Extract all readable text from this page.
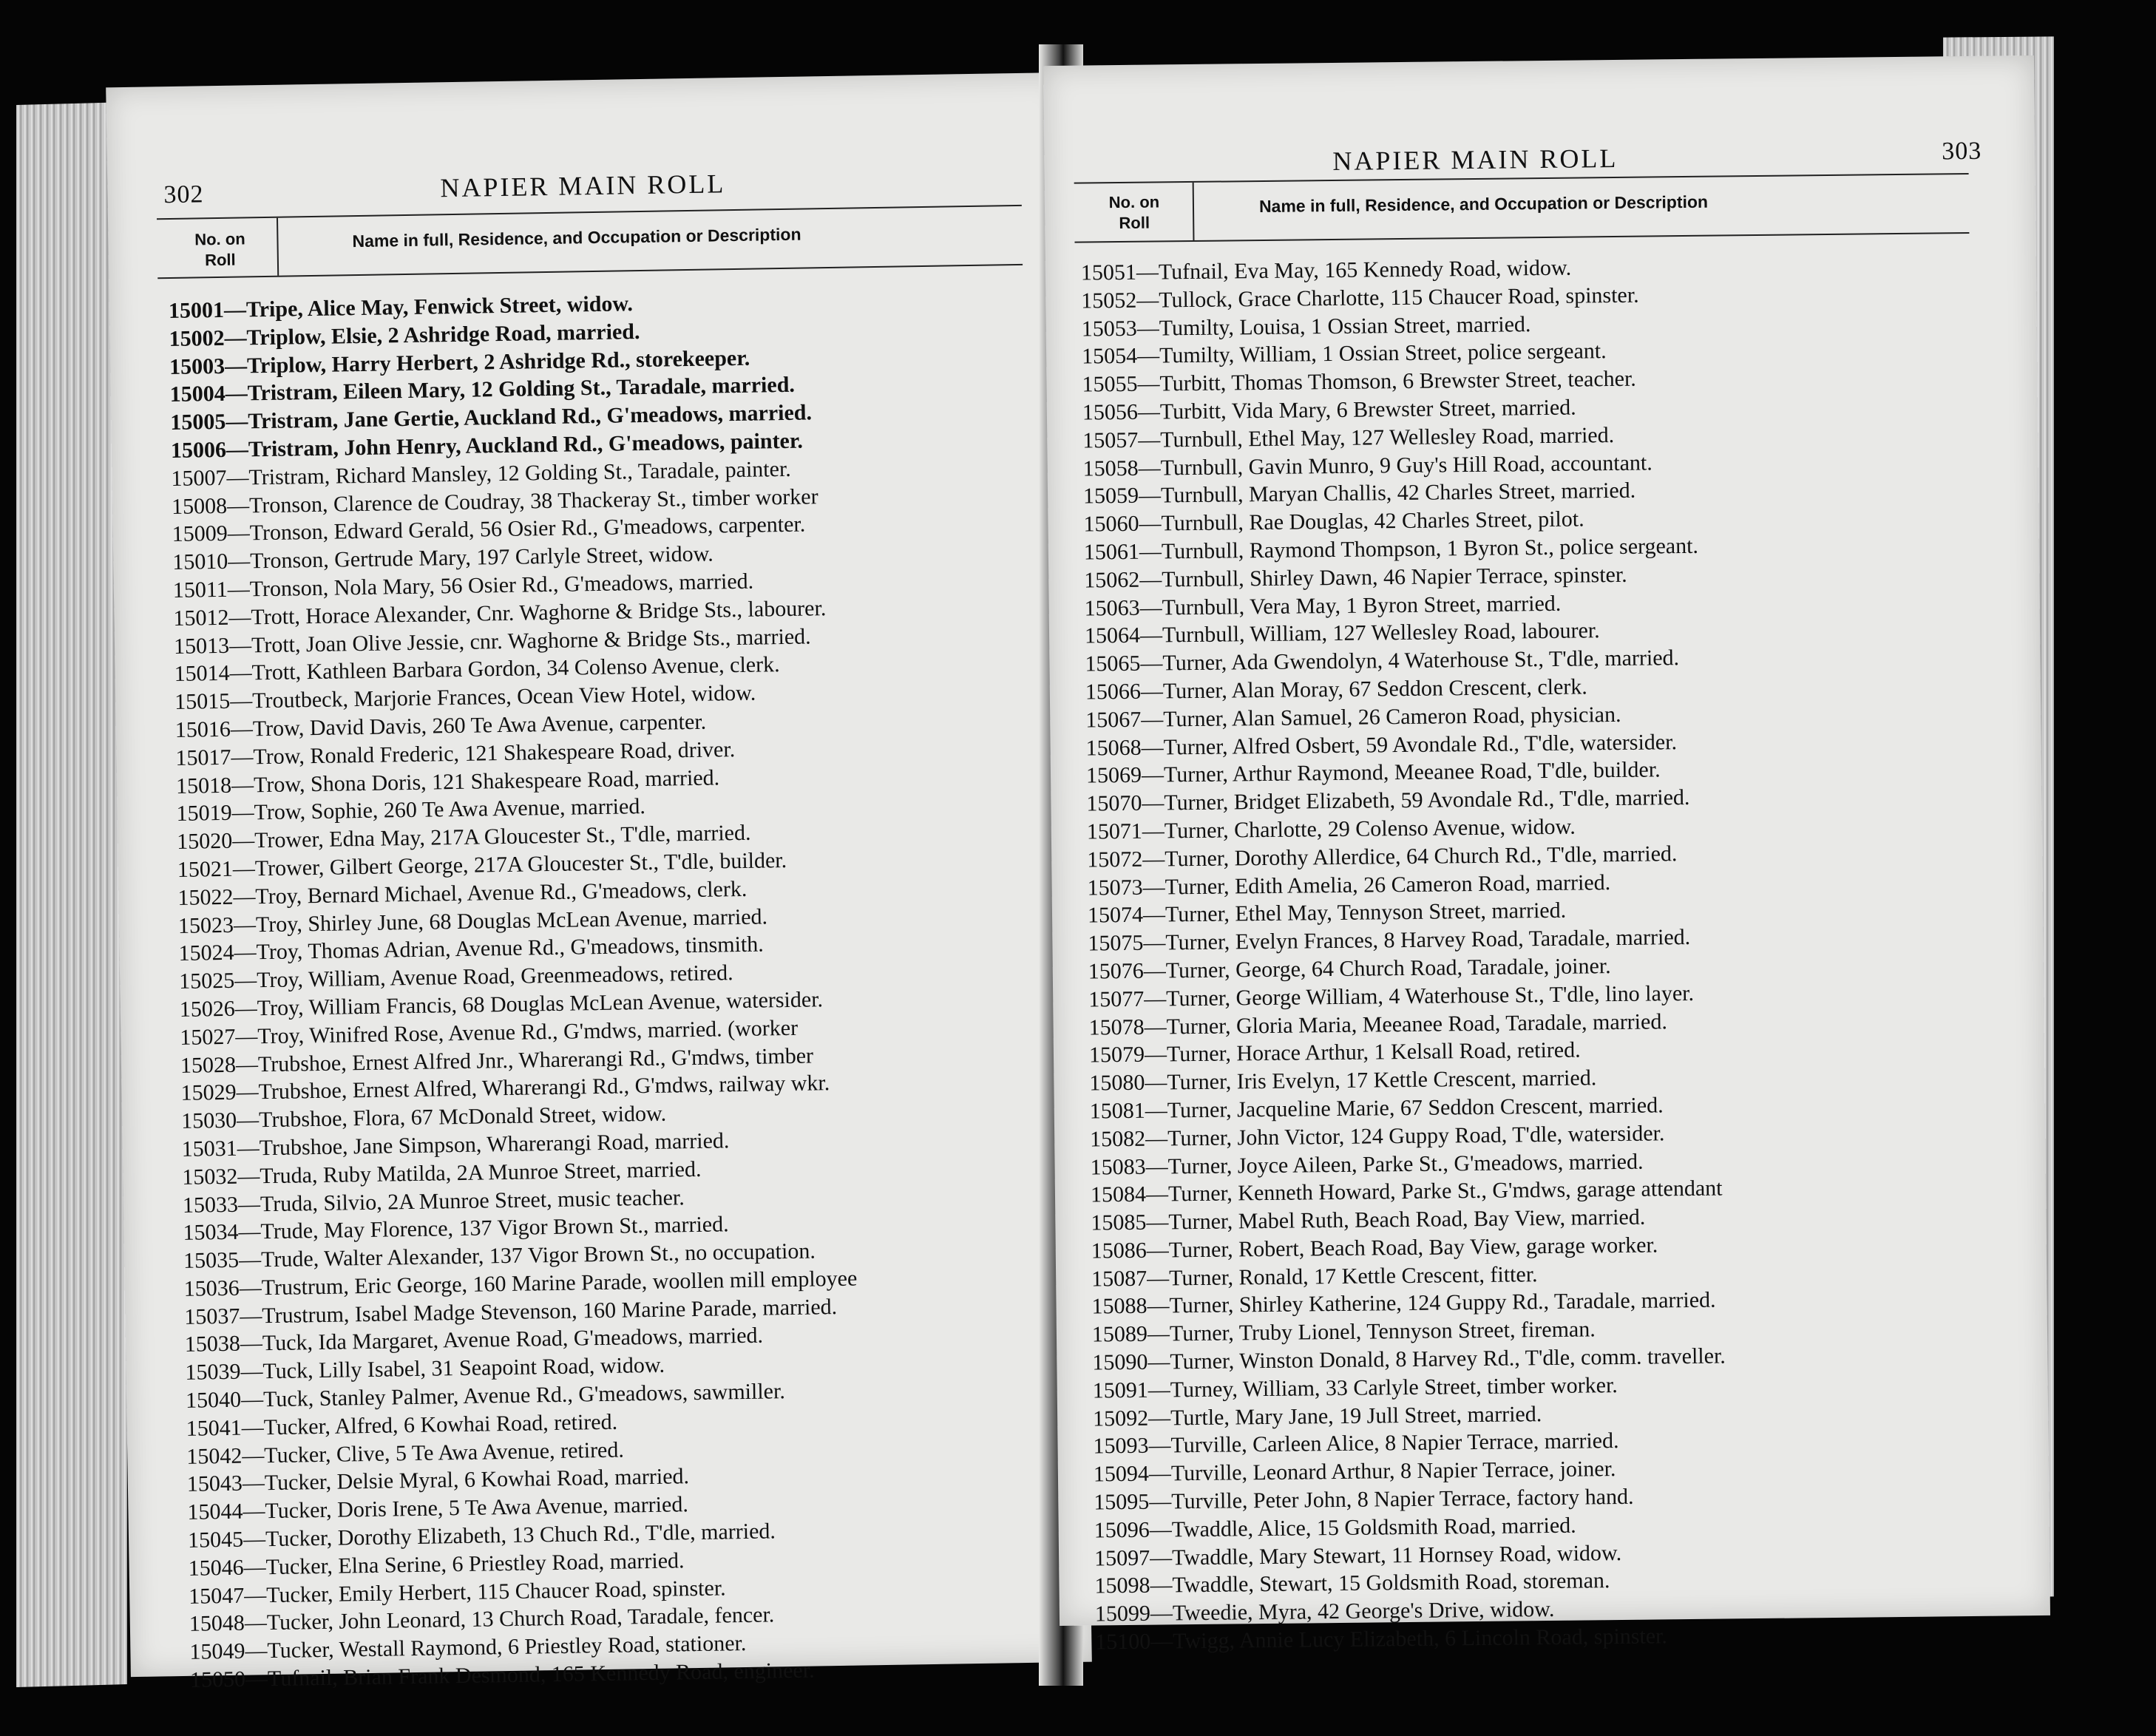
302	NAPIER MAIN ROLL
No. on
Roll
Name in full, Residence, and Occupation or Description
15001—Tripe, Alice May, Fenwick Street, widow.
15002—Triplow, Elsie, 2 Ashridge Road, married.
15003—Triplow, Harry Herbert, 2 Ashridge Rd., storekeeper.
15004—Tristram, Eileen Mary, 12 Golding St., Taradale, married.
15005—Tristram, Jane Gertie, Auckland Rd., G'meadows, married.
15006—Tristram, John Henry, Auckland Rd., G'meadows, painter.
15007—Tristram, Richard Mansley, 12 Golding St., Taradale, painter.
15008—Tronson, Clarence de Coudray, 38 Thackeray St., timber worker
15009—Tronson, Edward Gerald, 56 Osier Rd., G'meadows, carpenter.
15010—Tronson, Gertrude Mary, 197 Carlyle Street, widow.
15011—Tronson, Nola Mary, 56 Osier Rd., G'meadows, married.
15012—Trott, Horace Alexander, Cnr. Waghorne & Bridge Sts., labourer.
15013—Trott, Joan Olive Jessie, cnr. Waghorne & Bridge Sts., married.
15014—Trott, Kathleen Barbara Gordon, 34 Colenso Avenue, clerk.
15015—Troutbeck, Marjorie Frances, Ocean View Hotel, widow.
15016—Trow, David Davis, 260 Te Awa Avenue, carpenter.
15017—Trow, Ronald Frederic, 121 Shakespeare Road, driver.
15018—Trow, Shona Doris, 121 Shakespeare Road, married.
15019—Trow, Sophie, 260 Te Awa Avenue, married.
15020—Trower, Edna May, 217A Gloucester St., T'dle, married.
15021—Trower, Gilbert George, 217A Gloucester St., T'dle, builder.
15022—Troy, Bernard Michael, Avenue Rd., G'meadows, clerk.
15023—Troy, Shirley June, 68 Douglas McLean Avenue, married.
15024—Troy, Thomas Adrian, Avenue Rd., G'meadows, tinsmith.
15025—Troy, William, Avenue Road, Greenmeadows, retired.
15026—Troy, William Francis, 68 Douglas McLean Avenue, watersider.
15027—Troy, Winifred Rose, Avenue Rd., G'mdws, married. (worker
15028—Trubshoe, Ernest Alfred Jnr., Wharerangi Rd., G'mdws, timber
15029—Trubshoe, Ernest Alfred, Wharerangi Rd., G'mdws, railway wkr.
15030—Trubshoe, Flora, 67 McDonald Street, widow.
15031—Trubshoe, Jane Simpson, Wharerangi Road, married.
15032—Truda, Ruby Matilda, 2A Munroe Street, married.
15033—Truda, Silvio, 2A Munroe Street, music teacher.
15034—Trude, May Florence, 137 Vigor Brown St., married.
15035—Trude, Walter Alexander, 137 Vigor Brown St., no occupation.
15036—Trustrum, Eric George, 160 Marine Parade, woollen mill employee
15037—Trustrum, Isabel Madge Stevenson, 160 Marine Parade, married.
15038—Tuck, Ida Margaret, Avenue Road, G'meadows, married.
15039—Tuck, Lilly Isabel, 31 Seapoint Road, widow.
15040—Tuck, Stanley Palmer, Avenue Rd., G'meadows, sawmiller.
15041—Tucker, Alfred, 6 Kowhai Road, retired.
15042—Tucker, Clive, 5 Te Awa Avenue, retired.
15043—Tucker, Delsie Myral, 6 Kowhai Road, married.
15044—Tucker, Doris Irene, 5 Te Awa Avenue, married.
15045—Tucker, Dorothy Elizabeth, 13 Chuch Rd., T'dle, married.
15046—Tucker, Elna Serine, 6 Priestley Road, married.
15047—Tucker, Emily Herbert, 115 Chaucer Road, spinster.
15048—Tucker, John Leonard, 13 Church Road, Taradale, fencer.
15049—Tucker, Westall Raymond, 6 Priestley Road, stationer.
15050—Tufnail, Brian Frank Desmond, 165 Kennedy Road, engineer.
303
NAPIER MAIN ROLL
No. on
Roll
Name in full, Residence, and Occupation or Description
15051—Tufnail, Eva May, 165 Kennedy Road, widow.
15052—Tullock, Grace Charlotte, 115 Chaucer Road, spinster.
15053—Tumilty, Louisa, 1 Ossian Street, married.
15054—Tumilty, William, 1 Ossian Street, police sergeant.
15055—Turbitt, Thomas Thomson, 6 Brewster Street, teacher.
15056—Turbitt, Vida Mary, 6 Brewster Street, married.
15057—Turnbull, Ethel May, 127 Wellesley Road, married.
15058—Turnbull, Gavin Munro, 9 Guy's Hill Road, accountant.
15059—Turnbull, Maryan Challis, 42 Charles Street, married.
15060—Turnbull, Rae Douglas, 42 Charles Street, pilot.
15061—Turnbull, Raymond Thompson, 1 Byron St., police sergeant.
15062—Turnbull, Shirley Dawn, 46 Napier Terrace, spinster.
15063—Turnbull, Vera May, 1 Byron Street, married.
15064—Turnbull, William, 127 Wellesley Road, labourer.
15065—Turner, Ada Gwendolyn, 4 Waterhouse St., T'dle, married.
15066—Turner, Alan Moray, 67 Seddon Crescent, clerk.
15067—Turner, Alan Samuel, 26 Cameron Road, physician.
15068—Turner, Alfred Osbert, 59 Avondale Rd., T'dle, watersider.
15069—Turner, Arthur Raymond, Meeanee Road, T'dle, builder.
15070—Turner, Bridget Elizabeth, 59 Avondale Rd., T'dle, married.
15071—Turner, Charlotte, 29 Colenso Avenue, widow.
15072—Turner, Dorothy Allerdice, 64 Church Rd., T'dle, married.
15073—Turner, Edith Amelia, 26 Cameron Road, married.
15074—Turner, Ethel May, Tennyson Street, married.
15075—Turner, Evelyn Frances, 8 Harvey Road, Taradale, married.
15076—Turner, George, 64 Church Road, Taradale, joiner.
15077—Turner, George William, 4 Waterhouse St., T'dle, lino layer.
15078—Turner, Gloria Maria, Meeanee Road, Taradale, married.
15079—Turner, Horace Arthur, 1 Kelsall Road, retired.
15080—Turner, Iris Evelyn, 17 Kettle Crescent, married.
15081—Turner, Jacqueline Marie, 67 Seddon Crescent, married.
15082—Turner, John Victor, 124 Guppy Road, T'dle, watersider.
15083—Turner, Joyce Aileen, Parke St., G'meadows, married.
15084—Turner, Kenneth Howard, Parke St., G'mdws, garage attendant
15085—Turner, Mabel Ruth, Beach Road, Bay View, married.
15086—Turner, Robert, Beach Road, Bay View, garage worker.
15087—Turner, Ronald, 17 Kettle Crescent, fitter.
15088—Turner, Shirley Katherine, 124 Guppy Rd., Taradale, married.
15089—Turner, Truby Lionel, Tennyson Street, fireman.
15090—Turner, Winston Donald, 8 Harvey Rd., T'dle, comm. traveller.
15091—Turney, William, 33 Carlyle Street, timber worker.
15092—Turtle, Mary Jane, 19 Jull Street, married.
15093—Turville, Carleen Alice, 8 Napier Terrace, married.
15094—Turville, Leonard Arthur, 8 Napier Terrace, joiner.
15095—Turville, Peter John, 8 Napier Terrace, factory hand.
15096—Twaddle, Alice, 15 Goldsmith Road, married.
15097—Twaddle, Mary Stewart, 11 Hornsey Road, widow.
15098—Twaddle, Stewart, 15 Goldsmith Road, storeman.
15099—Tweedie, Myra, 42 George's Drive, widow.
15100—Twigg, Annie Lucy Elizabeth, 6 Lincoln Road, spinster.
